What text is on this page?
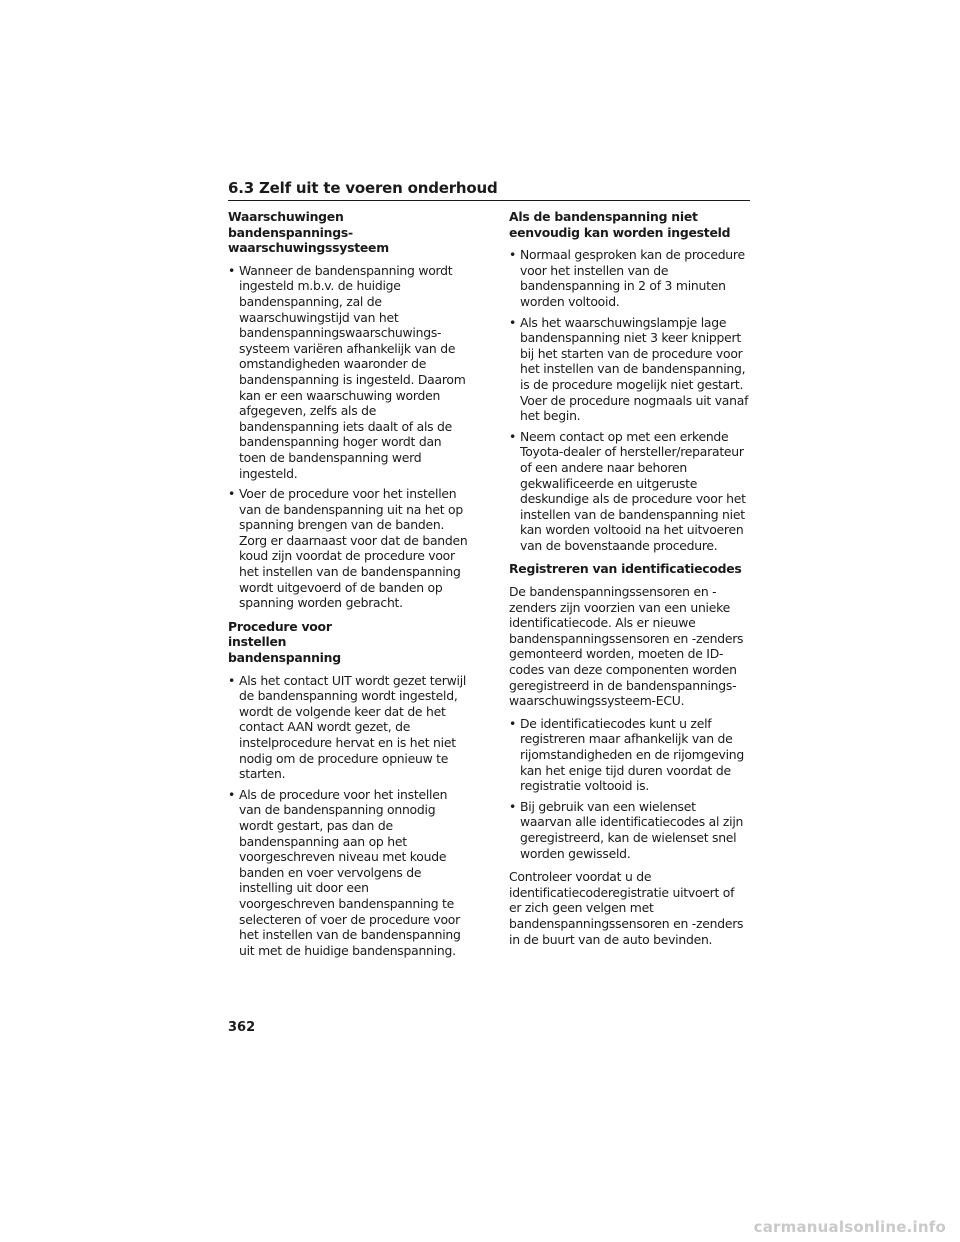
6.3 Zelf uit te voeren onderhoud
Waarschuwingen bandenspannings-
waarschuwingssysteem
• Wanneer de bandenspanning wordt ingesteld m.b.v. de huidige bandenspanning, zal de waarschuwingstijd van het bandenspanningswaarschuwings-systeem variëren afhankelijk van de omstandigheden waaronder de bandenspanning is ingesteld. Daarom kan er een waarschuwing worden afgegeven, zelfs als de bandenspanning iets daalt of als de bandenspanning hoger wordt dan toen de bandenspanning werd ingesteld.
• Voer de procedure voor het instellen van de bandenspanning uit na het op spanning brengen van de banden. Zorg er daarnaast voor dat de banden koud zijn voordat de procedure voor het instellen van de bandenspanning wordt uitgevoerd of de banden op spanning worden gebracht.
Procedure voor instellen bandenspanning
• Als het contact UIT wordt gezet terwijl de bandenspanning wordt ingesteld, wordt de volgende keer dat de het contact AAN wordt gezet, de instelprocedure hervat en is het niet nodig om de procedure opnieuw te starten.
• Als de procedure voor het instellen van de bandenspanning onnodig wordt gestart, pas dan de bandenspanning aan op het voorgeschreven niveau met koude banden en voer vervolgens de instelling uit door een voorgeschreven bandenspanning te selecteren of voer de procedure voor het instellen van de bandenspanning uit met de huidige bandenspanning.
Als de bandenspanning niet eenvoudig kan worden ingesteld
• Normaal gesproken kan de procedure voor het instellen van de bandenspanning in 2 of 3 minuten worden voltooid.
• Als het waarschuwingslampje lage bandenspanning niet 3 keer knippert bij het starten van de procedure voor het instellen van de bandenspanning, is de procedure mogelijk niet gestart. Voer de procedure nogmaals uit vanaf het begin.
• Neem contact op met een erkende Toyota-dealer of hersteller/reparateur of een andere naar behoren gekwalificeerde en uitgeruste deskundige als de procedure voor het instellen van de bandenspanning niet kan worden voltooid na het uitvoeren van de bovenstaande procedure.
Registreren van identificatiecodes

De bandenspanningssensoren en -zenders zijn voorzien van een unieke identificatiecode. Als er nieuwe bandenspanningssensoren en -zenders gemonteerd worden, moeten de ID-codes van deze componenten worden geregistreerd in de bandenspannings-waarschuwingssysteem-ECU.

• De identificatiecodes kunt u zelf registreren maar afhankelijk van de rijomstandigheden en de rijomgeving kan het enige tijd duren voordat de registratie voltooid is.
• Bij gebruik van een wielenset waarvan alle identificatiecodes al zijn geregistreerd, kan de wielenset snel worden gewisseld.

Controleer voordat u de identificatiecoderegistratie uitvoert of er zich geen velgen met bandenspanningssensoren en -zenders in de buurt van de auto bevinden.

362
carmanualsonline.info
